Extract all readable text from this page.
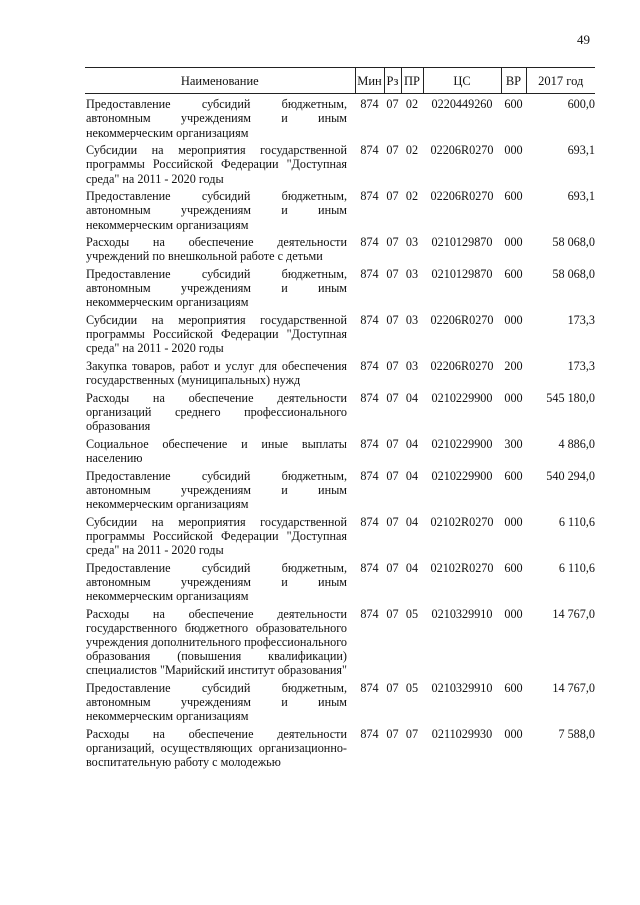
49
Наименование	Мин	Рз	ПР	ЦС	ВР	2017 год
Предоставление субсидий бюджетным, автономным учреждениям и иным некоммерческим организациям	874	07	02	0220449260	600	600,0
Субсидии на мероприятия государственной программы Российской Федерации "Доступная среда" на 2011 - 2020 годы	874	07	02	02206R0270	000	693,1
Предоставление субсидий бюджетным, автономным учреждениям и иным некоммерческим организациям	874	07	02	02206R0270	600	693,1
Расходы на обеспечение деятельности учреждений по внешкольной работе с детьми	874	07	03	0210129870	000	58 068,0
Предоставление субсидий бюджетным, автономным учреждениям и иным некоммерческим организациям	874	07	03	0210129870	600	58 068,0
Субсидии на мероприятия государственной программы Российской Федерации "Доступная среда" на 2011 - 2020 годы	874	07	03	02206R0270	000	173,3
Закупка товаров, работ и услуг для обеспечения государственных (муниципальных) нужд	874	07	03	02206R0270	200	173,3
Расходы на обеспечение деятельности организаций среднего профессионального образования	874	07	04	0210229900	000	545 180,0
Социальное обеспечение и иные выплаты населению	874	07	04	0210229900	300	4 886,0
Предоставление субсидий бюджетным, автономным учреждениям и иным некоммерческим организациям	874	07	04	0210229900	600	540 294,0
Субсидии на мероприятия государственной программы Российской Федерации "Доступная среда" на 2011 - 2020 годы	874	07	04	02102R0270	000	6 110,6
Предоставление субсидий бюджетным, автономным учреждениям и иным некоммерческим организациям	874	07	04	02102R0270	600	6 110,6
Расходы на обеспечение деятельности государственного бюджетного образовательного учреждения дополнительного профессионального образования (повышения квалификации) специалистов "Марийский институт образования"	874	07	05	0210329910	000	14 767,0
Предоставление субсидий бюджетным, автономным учреждениям и иным некоммерческим организациям	874	07	05	0210329910	600	14 767,0
Расходы на обеспечение деятельности организаций, осуществляющих организационно-воспитательную работу с молодежью	874	07	07	0211029930	000	7 588,0
